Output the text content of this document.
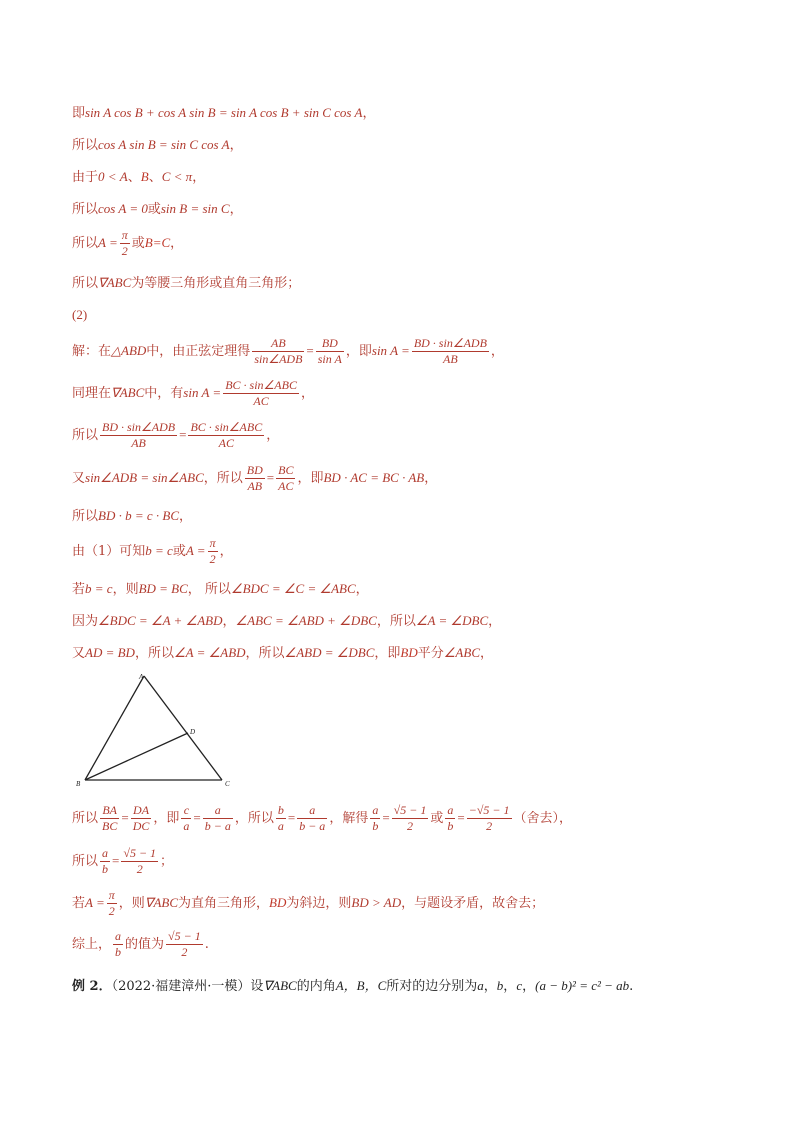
即sin A cos B + cos A sin B = sin A cos B + sin C cos A，
所以cos A sin B = sin C cos A，
由于0 < A、B、C < π，
所以cos A = 0或sin B = sin C，
所以$A = \frac{\pi}{2}$ 或B=C，
所以∇ABC为等腰三角形或直角三角形；
(2)
解：在△ABD中，由正弦定理得 $\frac{AB}{\text{sin∠ADB}} = \frac{BD}{\text{sin A}}$ ，即$\sin A = \frac{\text{BD · sin∠ADB}}{AB}$ ，
同理在∇ABC中，有$\sin A = \frac{\text{BC · sin∠ABC}}{AC}$ ，
所以 $\frac{\text{BD · sin∠ADB}}{AB} = \frac{\text{BC · sin∠ABC}}{AC}$ ，
又sin∠ADB = sin∠ABC，所以 $\frac{BD}{AB} = \frac{BC}{AC}$ ，即BD · AC = BC · AB，
所以BD · b = c · BC，
由（1）可知b = c或$A = \frac{\pi}{2}$ ，
若b = c，则BD = BC， 所以∠BDC = ∠C = ∠ABC，
因为∠BDC = ∠A + ∠ABD，∠ABC = ∠ABD + ∠DBC，所以∠A = ∠DBC，
又AD = BD，所以∠A = ∠ABD，所以∠ABD = ∠DBC，即BD平分∠ABC，
A
B	C
D
所以 $\frac{BA}{BC} = \frac{DA}{DC}$ ，即 $\frac{c}{a} = \frac{a}{b - a}$ ，所以 $\frac{b}{a} = \frac{a}{b - a}$ ，解得 $\frac{a}{b} = \frac{√5 - 1}{2}$ 或 $\frac{a}{b} = \frac{-√5 - 1}{2}$ （舍去），
所以 $\frac{a}{b} = \frac{√5 - 1}{2}$ ；
若$A = \frac{\pi}{2}$ ，则∇ABC为直角三角形，BD为斜边，则BD > AD，与题设矛盾，故舍去；
综上， $\frac{a}{b}$ 的值为 $\frac{√5 - 1}{2}$ .
例 2．（2022·福建漳州·一模）设∇ABC的内角A，B，C所对的边分别为a，b，c，(a − b)² = c² − ab.
